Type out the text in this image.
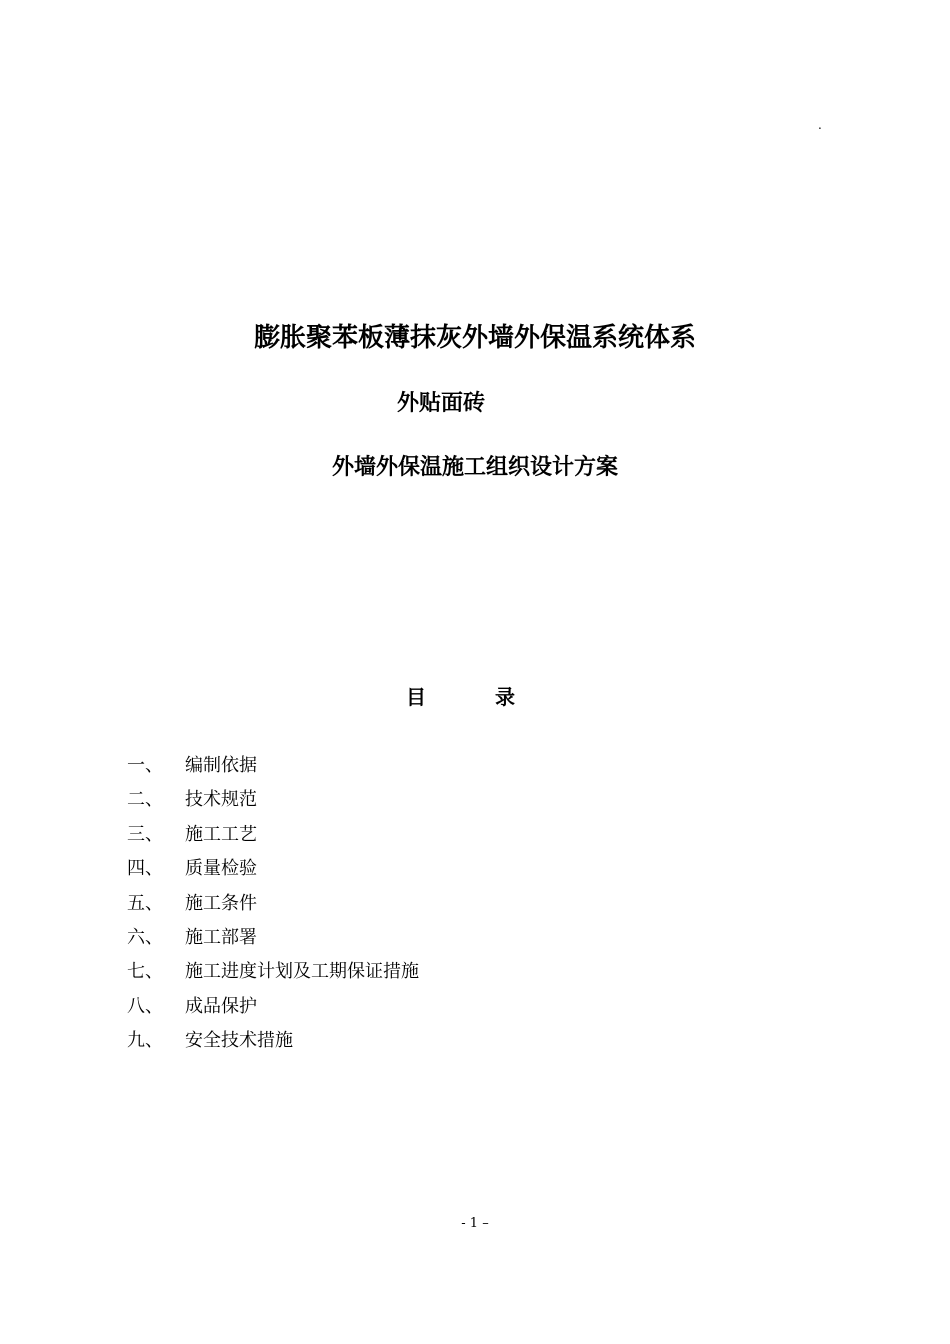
.
膨胀聚苯板薄抹灰外墙外保温系统体系
外贴面砖
外墙外保温施工组织设计方案
目	录
一、 编制依据
二、 技术规范
三、 施工工艺
四、 质量检验
五、 施工条件
六、 施工部署
七、 施工进度计划及工期保证措施
八、 成品保护
九、 安全技术措施
- 1 –
